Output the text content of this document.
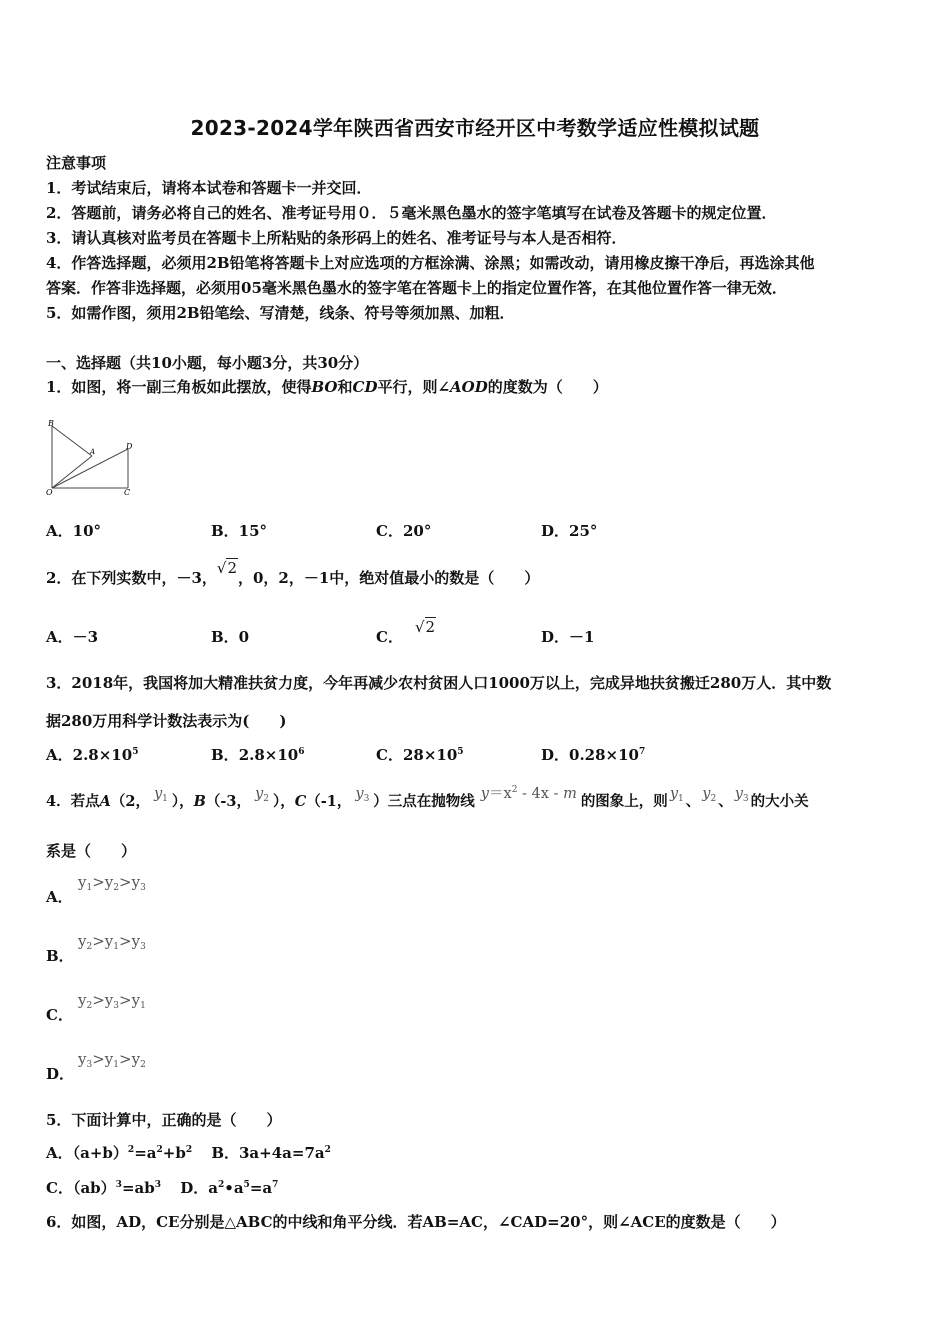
2023-2024学年陕西省西安市经开区中考数学适应性模拟试题
注意事项
1．考试结束后，请将本试卷和答题卡一并交回．
2．答题前，请务必将自己的姓名、准考证号用０．５毫米黑色墨水的签字笔填写在试卷及答题卡的规定位置．
3．请认真核对监考员在答题卡上所粘贴的条形码上的姓名、准考证号与本人是否相符．
4．作答选择题，必须用2B铅笔将答题卡上对应选项的方框涂满、涂黑；如需改动，请用橡皮擦干净后，再选涂其他
答案．作答非选择题，必须用05毫米黑色墨水的签字笔在答题卡上的指定位置作答，在其他位置作答一律无效．
5．如需作图，须用2B铅笔绘、写清楚，线条、符号等须加黑、加粗．
一、选择题（共10小题，每小题3分，共30分）
1．如图，将一副三角板如此摆放，使得BO和CD平行，则∠AOD的度数为（　　）
B
A
D
O	C
A．10°	B．15°	C．20°	D．25°
2．在下列实数中，－3，√2，0，2，－1中，绝对值最小的数是（　　）
A．－3	B．0	C．√2
D．－1
3．2018年，我国将加大精准扶贫力度，今年再减少农村贫困人口1000万以上，完成异地扶贫搬迁280万人．其中数
据280万用科学计数法表示为(　　)
A．$2.8\times 10^5$	B．$2.8\times 10^6$	C．$28\times 10^5$	D．$0.28\times 10^7$
4．若点A（2， $y_1$ ），B（-3， $y_2$ ），C（-1， $y_3$ ）三点在抛物线 $y=x^2 - 4x - m$ 的图象上，则 $y_1$ 、 $y_2$ 、 $y_3$ 的大小关
系是（　　）
A．
$y_1>y_2>y_3$
B．
$y_2>y_1>y_3$
C．
$y_2>y_3>y_1$
D．
$y_3>y_1>y_2$
5．下面计算中，正确的是（　　）
A．$(a+b)^2=a^2+b^2$ B．$3a+4a=7a^2$
C．$(ab)^3=ab^3$ D．$a^2•a^5=a^7$
6．如图，AD，CE分别是△ABC的中线和角平分线．若AB=AC，∠CAD=20°，则∠ACE的度数是（　　）
